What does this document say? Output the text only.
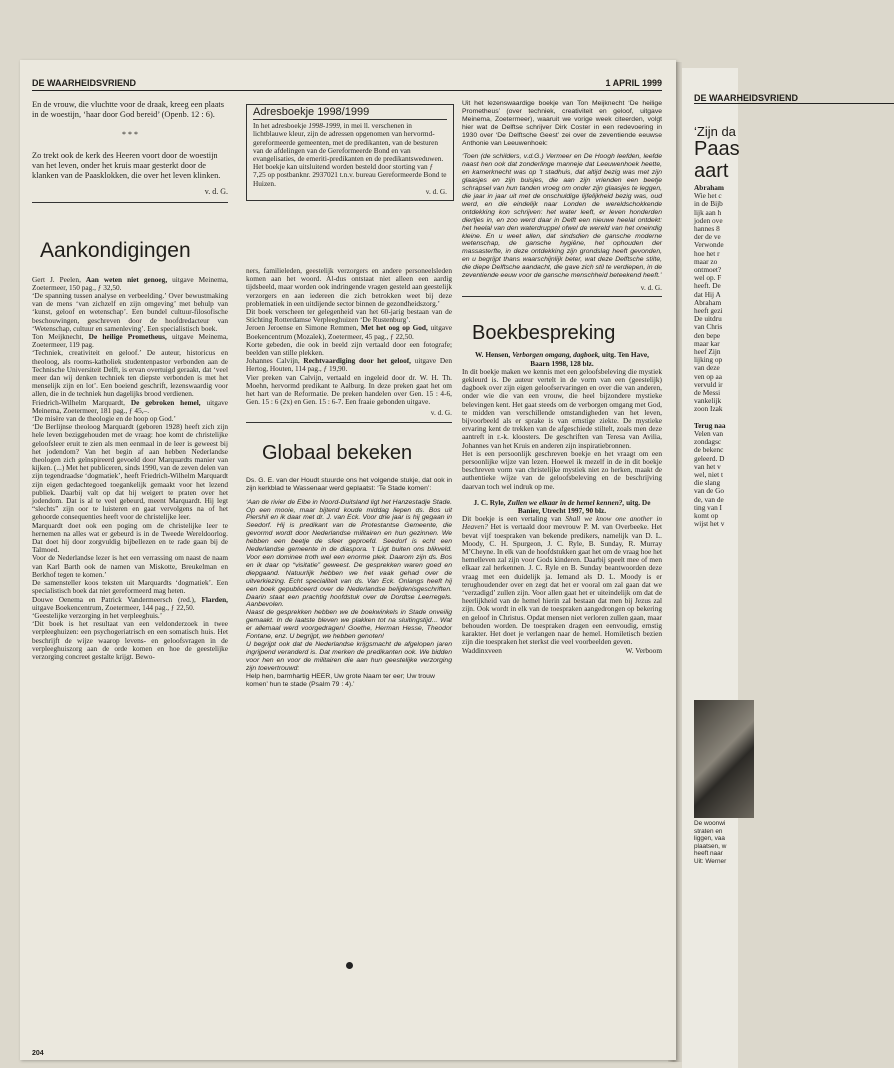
DE WAARHEIDSVRIEND
‘Zijn da
Paas
aart
Abraham
Wie het c
in de Bijb
lijk aan h
joden ove
hannes 8
der de ve
Verwonde
hoe het r
maar zo
ontmoet?
wel op. F
heeft. De
dat Hij A
Abraham
heeft gezi
De uitdru
van Chris
den bepe
maar kar
heef Zijn
lijking op
van deze
ven op aa
vervuld ir
de Messi
vankelijk
zoon Izak
Terug naa
Velen van
zondagsc
de bekenc
geleerd. D
van het v
wel, niet t
die slang
van de Go
de, van de
ting van I
komt op
wijst het v
De woonwi
straten en
liggen, vaa
plaatsen, w
heeft naar
Uit: Werner
DE WAARHEIDSVRIEND	1 APRIL 1999

En de vrouw, die vluchtte voor de draak, kreeg een plaats in de woestijn, ‘haar door God bereid’ (Openb. 12 : 6).

* * *

Zo trekt ook de kerk des Heeren voort door de woestijn van het leven, onder het kruis maar gesterkt door de klanken van de Paasklokken, die over het leven klinken.

v. d. G.

Aankondigingen

Gert J. Peelen, Aan weten niet genoeg, uitgave Meinema, Zoetermeer, 150 pag., ƒ 32,50.

‘De spanning tussen analyse en verbeelding.’ Over bewustmaking van de mens ‘van zichzelf en zijn omgeving’ met behulp van ‘kunst, geloof en wetenschap’. Een bundel cultuur-filosofische beschouwingen, geschreven door de hoofdredacteur van ‘Wetenschap, cultuur en samenleving’. Een specialistisch boek.

Ton Meijknecht, De heilige Prometheus, uitgave Meinema, Zoetermeer, 119 pag.

‘Techniek, creativiteit en geloof.’ De auteur, historicus en theoloog, als rooms-katholiek studentenpastor verbonden aan de Technische Universiteit Delft, is ervan overtuigd geraakt, dat ‘veel meer dan wij denken techniek ten diepste verbonden is met het menselijk zijn en lot’. Een boeiend geschrift, lezenswaardig voor allen, die in de techniek hun dagelijks brood verdienen.

Friedrich-Wilhelm Marquardt, De gebroken hemel, uitgave Meinema, Zoetermeer, 181 pag., ƒ 45,–.

‘De misère van de theologie en de hoop op God.’

‘De Berlijnse theoloog Marquardt (geboren 1928) heeft zich zijn hele leven beziggehouden met de vraag: hoe komt de christelijke geloofsleer eruit te zien als men eenmaal in de leer is geweest bij het jodendom? Van het begin af aan hebben Nederlandse theologen zich geïnspireerd gevoeld door Marquardts manier van kijken. (...) Met het publiceren, sinds 1990, van de zeven delen van zijn tegendraadse ‘dogmatiek’, heeft Friedrich-Wilhelm Marquardt zijn eigen gedachtegoed toegankelijk gemaakt voor het lezend publiek. Daarbij valt op dat hij weigert te praten over het jodendom. Dat is al te veel gebeurd, meent Marquardt. Hij legt “slechts” zijn oor te luisteren en gaat vervolgens na of het gehoorde consequenties heeft voor de christelijke leer.

Marquardt doet ook een poging om de christelijke leer te hernemen na alles wat er gebeurd is in de Tweede Wereldoorlog. Dat doet hij door zorgvuldig bijbellezen en te rade gaan bij de Talmoed.

Voor de Nederlandse lezer is het een verrassing om naast de naam van Karl Barth ook de namen van Miskotte, Breukelman en Berkhof tegen te komen.’

De samensteller koos teksten uit Marquardts ‘dogmatiek’. Een specialistisch boek dat niet gereformeerd mag heten.

Douwe Oenema en Patrick Vandermeersch (red.), Flarden, uitgave Boekencentrum, Zoetermeer, 144 pag., ƒ 22,50.

‘Geestelijke verzorging in het verpleeghuis.’

‘Dit boek is het resultaat van een veldonderzoek in twee verpleeghuizen: een psychogeriatrisch en een somatisch huis. Het beschrijft de wijze waarop levens- en geloofsvragen in de verpleeghuiszorg aan de orde komen en hoe de geestelijke verzorging concreet gestalte krijgt. Bewo-

Adresboekje 1998/1999

In het adresboekje 1998-1999, in mei ll. verschenen in lichtblauwe kleur, zijn de adressen opgenomen van hervormd-gereformeerde gemeenten, met de predikanten, van de besturen van de afdelingen van de Gereformeerde Bond en van evangelisaties, de emeriti-predikanten en de predikantsweduwen.

Het boekje kan uitsluitend worden besteld door storting van ƒ 7,25 op postbanknr. 2937021 t.n.v. bureau Gereformeerde Bond te Huizen.

v. d. G.

ners, familieleden, geestelijk verzorgers en andere personeelsleden komen aan het woord. Al-dus ontstaat niet alleen een aardig tijdsbeeld, maar worden ook indringende vragen gesteld aan geestelijk verzorgers en aan iedereen die zich betrokken weet bij deze problematiek in een uitdijende sector binnen de gezondheidszorg.’

Dit boek verscheen ter gelegenheid van het 60-jarig bestaan van de Stichting Rotterdamse Verpleeghuizen ‘De Rustenburg’.

Jeroen Jeroense en Simone Remmen, Met het oog op God, uitgave Boekencentrum (Mozaïek), Zoetermeer, 45 pag., ƒ 22,50.

Korte gebeden, die ook in beeld zijn vertaald door een fotografe; beelden van stille plekken.

Johannes Calvijn, Rechtvaardiging door het geloof, uitgave Den Hertog, Houten, 114 pag., ƒ 19,90.

Vier preken van Calvijn, vertaald en ingeleid door dr. W. H. Th. Moehn, hervormd predikant te Aalburg. In deze preken gaat het om het hart van de Reformatie. De preken handelen over Gen. 15 : 4-6, Gen. 15 : 6 (2x) en Gen. 15 : 6-7. Een fraaie gebonden uitgave.

v. d. G.

Globaal bekeken

Ds. G. E. van der Houdt stuurde ons het volgende stukje, dat ook in zijn kerkblad te Wassenaar werd geplaatst: ‘Te Stade komen’:

‘Aan de rivier de Elbe in Noord-Duitsland ligt het Hanzestadje Stade. Op een mooie, maar bijtend koude middag liepen ds. Bos uit Piershil en ik daar met dr. J. van Eck. Voor drie jaar is hij gegaan in Seedorf. Hij is predikant van de Protestantse Gemeente, die gevormd wordt door Nederlandse militairen en hun gezinnen. We hebben een beetje de sfeer geproefd. Seedorf is echt een Nederlandse gemeente in de diaspora. ’t Ligt buiten ons blikveld. Voor een dominee troth wel een enorme plek. Daarom zijn ds. Bos en ik daar op “visitatie” geweest. De gesprekken waren goed en diepgaand. Natuurlijk hebben we het vaak gehad over de uitverkiezing. Echt specialiteit van ds. Van Eck. Onlangs heeft hij een boek gepubliceerd over de Nederlandse belijdenisgeschriften. Daarin staat een prachtig hoofdstuk over de Dordtse Leerregels. Aanbevolen.

Naast de gesprekken hebben we de boekwinkels in Stade onveilig gemaakt. In de laatste bleven we plakken tot na sluitingstijd... Wat er allemaal werd voorgedragen! Goethe, Herman Hesse, Theodor Fontane, enz. U begrijpt, we hebben genoten!

U begrijpt ook dat de Nederlandse krijgsmacht de afgelopen jaren ingrijpend veranderd is. Dat merken de predikanten ook. We bidden voor hen en voor de militairen die aan hun geestelijke verzorging zijn toevertrouwd:

Help hen, barmhartig HEER, Uw grote Naam ter eer; Uw trouw komen’ hun te stade (Psalm 79 : 4).’

Uit het lezenswaardige boekje van Ton Meijknecht ‘De heilige Prometheus’ (over techniek, creativiteit en geloof, uitgave Meinema, Zoetermeer), waaruit we vorige week citeerden, volgt hier wat de Delftse schrijver Dirk Coster in een redevoering in 1930 over ‘De Delftsche Geest’ zei over de zeventiende eeuwse Anthonie van Leeuwenhoek:

‘Toen (de schilders, v.d.G.) Vermeer en De Hoogh leefden, leefde naast hen ook dat zonderlinge manneje dat Leeuwenhoek heette, en kamerknecht was op ’t stadhuis, dat altijd bezig was met zijn glaasjes en zijn buisjes, die aan zijn vrienden een beetje schrapsel van hun tanden vroeg om onder zijn glaasjes te leggen, die jaar in jaar uit met de onschuldige lijfelijkheid bezig was, oud werd, en die eindelijk naar Londen de wereldschokkende ontdekking kon schrijven: het water leeft, er leven honderden diertjes in, en zoo werd daar in Delft een nieuwe heelal ontdekt: het heelal van den waterdruppel ofwel de wereld van het oneindig kleine. En u weet allen, dat sindsdien de gansche moderne wetenschap, de gansche hygiëne, het ophouden der massasterfte, in deze ontdekking zijn grondslag heeft gevonden, en u begrijpt thans waarschijnlijk beter, wat deze Delftsche stilte, die diepe Delftsche aandacht, die gave zich stil te verdiepen, in de zeventiende eeuw voor de gansche menschheid beteekend heeft.’

v. d. G.

Boekbespreking

W. Hensen, Verborgen omgang, dagboek, uitg. Ten Have, Baarn 1998, 128 blz.

In dit boekje maken we kennis met een geloofsbeleving die mystiek gekleurd is. De auteur vertelt in de vorm van een (geestelijk) dagboek over zijn eigen geloofservaringen en over die van anderen, onder wie die van een vrouw, die heel bijzondere mystieke belevingen kent. Het gaat steeds om de verborgen omgang met God, te midden van verschillende omstandigheden van het leven, bijvoorbeeld als er sprake is van ernstige ziekte. De mystieke ervaring kent de trekken van de afgeschiede stiltelt, zoals men deze aantreft in r.-k. kloosters. De geschriften van Teresa van Avilia, Johannes van het Kruis en anderen zijn inspiratiebronnen.

Het is een persoonlijk geschreven boekje en het vraagt om een persoonlijke wijze van lezen. Hoewel ik mezelf in de in dit boekje beschreven vorm van christelijke mystiek niet zo herken, maakt de authentieke wijze van de geloofsbeleving en de beschrijving daarvan toch wel indruk op me.

J. C. Ryle, Zullen we elkaar in de hemel kennen?, uitg. De Banier, Utrecht 1997, 90 blz.

Dit boekje is een vertaling van Shall we know one another in Heaven? Het is vertaald door mevrouw P. M. van Overbeeke. Het bevat vijf toespraken van bekende predikers, namelijk van D. L. Moody, C. H. Spurgeon, J. C. Ryle, B. Sunday, R. Murray M’Cheyne. In elk van de hoofdstukken gaat het om de vraag hoe het hemelleven zal zijn voor Gods kinderen. Daarbij speelt mee of men elkaar zal herkennen. J. C. Ryle en B. Sunday beantwoorden deze vraag met een duidelijk ja. Iemand als D. L. Moody is er terughoudender over en zegt dat het er vooral om zal gaan dat we ‘verzadigd’ zullen zijn. Voor allen gaat het er uiteindelijk om dat de heerlijkheid van de hemel hierin zal bestaan dat men bij Jezus zal zijn. Ook wordt in elk van de toespraken aangedrongen op bekering en geloof in Christus. Opdat mensen niet verloren zullen gaan, maar behouden worden. De toespraken dragen een eenvoudig, ernstig karakter. Het doet je verlangen naar de hemel. Homiletisch bezien zijn die toespraken het sterkst die veel voorbeelden geven.

Waddinxveen	W. Verboom

204
